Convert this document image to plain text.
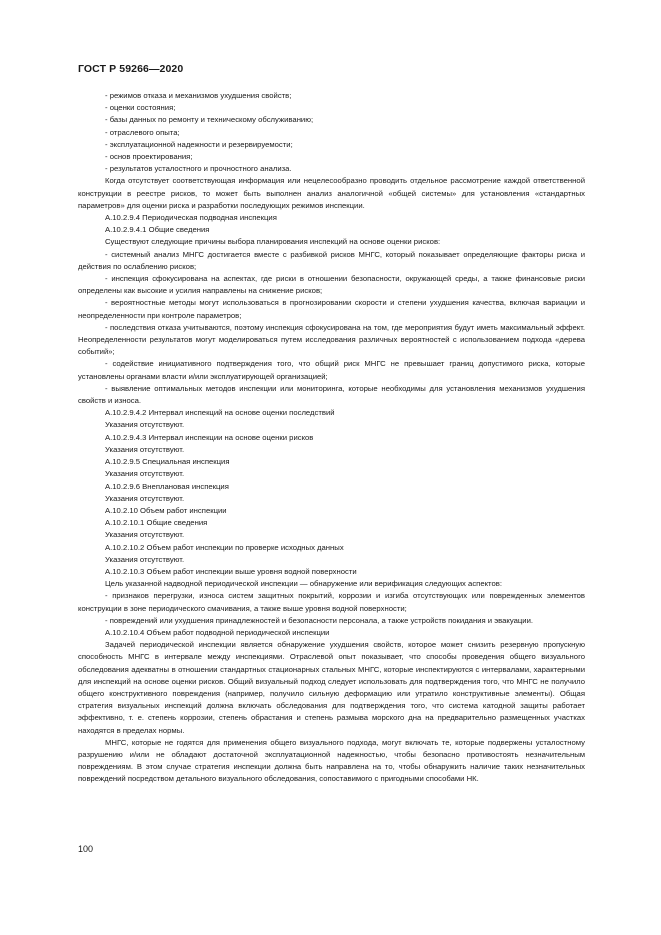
ГОСТ Р 59266—2020

- режимов отказа и механизмов ухудшения свойств;

- оценки состояния;

- базы данных по ремонту и техническому обслуживанию;

- отраслевого опыта;

- эксплуатационной надежности и резервируемости;

- основ проектирования;

- результатов усталостного и прочностного анализа.

Когда отсутствует соответствующая информация или нецелесообразно проводить отдельное рассмотрение каждой ответственной конструкции в реестре рисков, то может быть выполнен анализ аналогичной «общей системы» для установления «стандартных параметров» для оценки риска и разработки последующих режимов инспекции.

А.10.2.9.4 Периодическая подводная инспекция

А.10.2.9.4.1 Общие сведения

Существуют следующие причины выбора планирования инспекций на основе оценки рисков:

- системный анализ МНГС достигается вместе с разбивкой рисков МНГС, который показывает определяющие факторы риска и действия по ослаблению рисков;

- инспекция сфокусирована на аспектах, где риски в отношении безопасности, окружающей среды, а также финансовые риски определены как высокие и усилия направлены на снижение рисков;

- вероятностные методы могут использоваться в прогнозировании скорости и степени ухудшения качества, включая вариации и неопределенности при контроле параметров;

- последствия отказа учитываются, поэтому инспекция сфокусирована на том, где мероприятия будут иметь максимальный эффект. Неопределенности результатов могут моделироваться путем исследования различных вероятностей с использованием подхода «дерева событий»;

- содействие инициативного подтверждения того, что общий риск МНГС не превышает границ допустимого риска, которые установлены органами власти и/или эксплуатирующей организацией;

- выявление оптимальных методов инспекции или мониторинга, которые необходимы для установления механизмов ухудшения свойств и износа.

А.10.2.9.4.2 Интервал инспекций на основе оценки последствий

Указания отсутствуют.

А.10.2.9.4.3 Интервал инспекции на основе оценки рисков

Указания отсутствуют.

А.10.2.9.5 Специальная инспекция

Указания отсутствуют.

А.10.2.9.6 Внеплановая инспекция

Указания отсутствуют.

А.10.2.10 Объем работ инспекции

А.10.2.10.1 Общие сведения

Указания отсутствуют.

А.10.2.10.2 Объем работ инспекции по проверке исходных данных

Указания отсутствуют.

А.10.2.10.3 Объем работ инспекции выше уровня водной поверхности

Цель указанной надводной периодической инспекции — обнаружение или верификация следующих аспектов:

- признаков перегрузки, износа систем защитных покрытий, коррозии и изгиба отсутствующих или поврежденных элементов конструкции в зоне периодического смачивания, а также выше уровня водной поверхности;

- повреждений или ухудшения принадлежностей и безопасности персонала, а также устройств покидания и эвакуации.

А.10.2.10.4 Объем работ подводной периодической инспекции

Задачей периодической инспекции является обнаружение ухудшения свойств, которое может снизить резервную пропускную способность МНГС в интервале между инспекциями. Отраслевой опыт показывает, что способы проведения общего визуального обследования адекватны в отношении стандартных стационарных стальных МНГС, которые инспектируются с интервалами, характерными для инспекций на основе оценки рисков. Общий визуальный подход следует использовать для подтверждения того, что МНГС не получило общего конструктивного повреждения (например, получило сильную деформацию или утратило конструктивные элементы). Общая стратегия визуальных инспекций должна включать обследования для подтверждения того, что система катодной защиты работает эффективно, т. е. степень коррозии, степень обрастания и степень размыва морского дна на предварительно размещенных участках находятся в пределах нормы.

МНГС, которые не годятся для применения общего визуального подхода, могут включать те, которые подвержены усталостному разрушению и/или не обладают достаточной эксплуатационной надежностью, чтобы безопасно противостоять незначительным повреждениям. В этом случае стратегия инспекции должна быть направлена на то, чтобы обнаружить наличие таких незначительных повреждений посредством детального визуального обследования, сопоставимого с пригодными способами НК.

100
